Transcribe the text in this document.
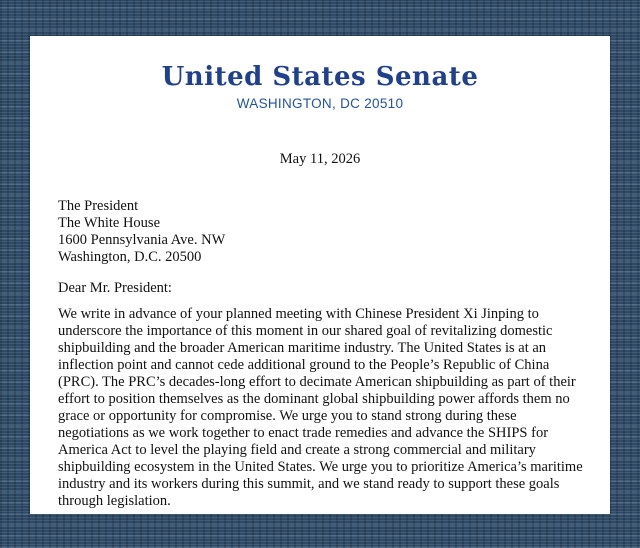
United States Senate
WASHINGTON, DC 20510
May 11, 2026
The President
The White House
1600 Pennsylvania Ave. NW
Washington, D.C. 20500
Dear Mr. President:
We write in advance of your planned meeting with Chinese President Xi Jinping to underscore the importance of this moment in our shared goal of revitalizing domestic shipbuilding and the broader American maritime industry. The United States is at an inflection point and cannot cede additional ground to the People’s Republic of China (PRC). The PRC’s decades-long effort to decimate American shipbuilding as part of their effort to position themselves as the dominant global shipbuilding power affords them no grace or opportunity for compromise. We urge you to stand strong during these negotiations as we work together to enact trade remedies and advance the SHIPS for America Act to level the playing field and create a strong commercial and military shipbuilding ecosystem in the United States. We urge you to prioritize America’s maritime industry and its workers during this summit, and we stand ready to support these goals through legislation.
